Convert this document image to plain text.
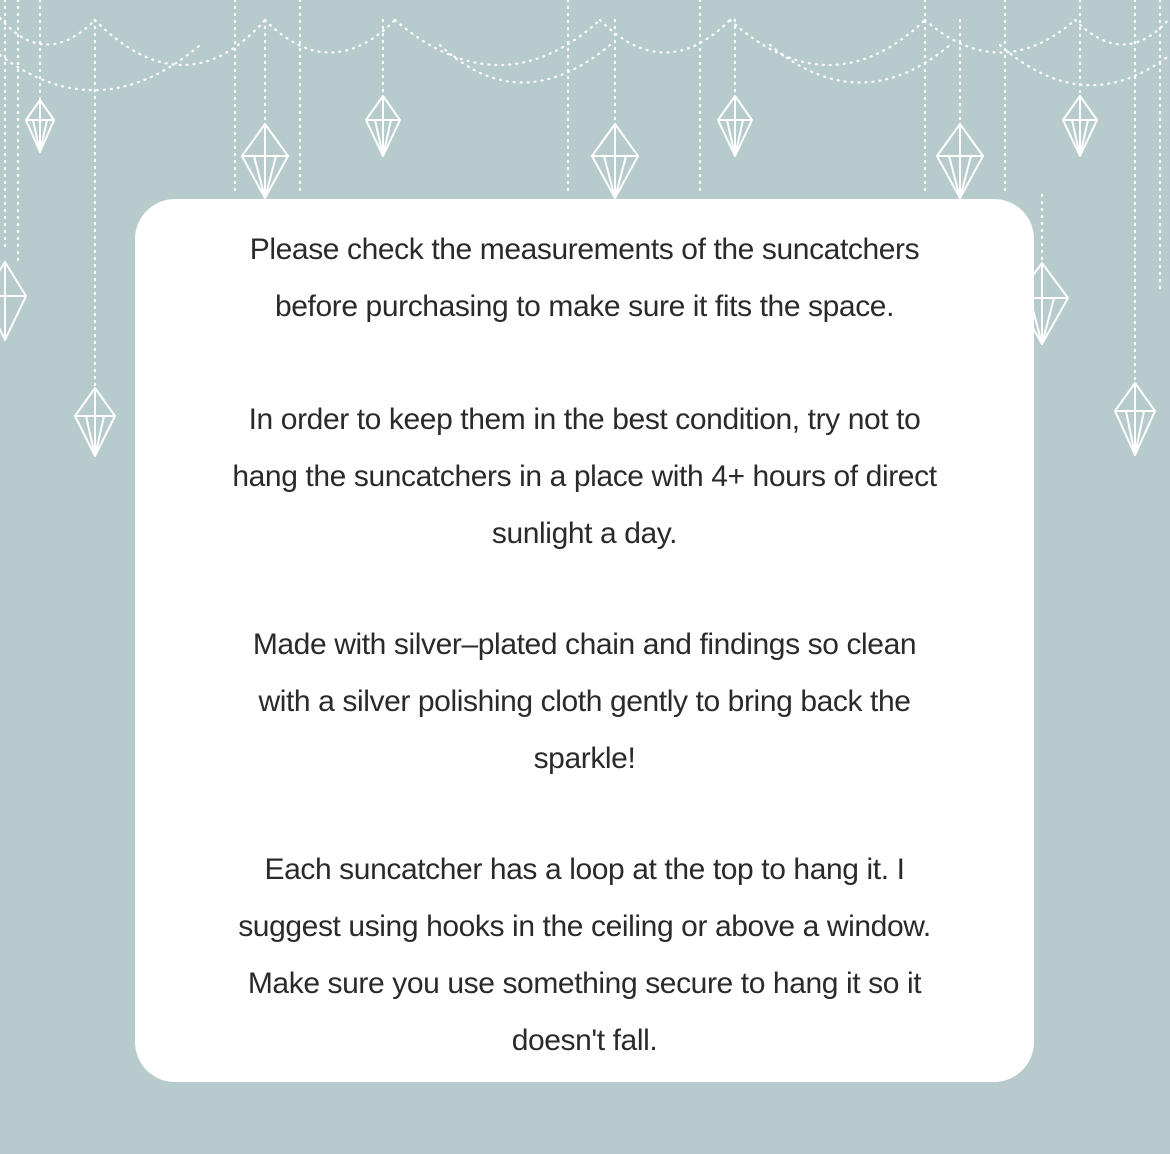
Please check the measurements of the suncatchers
before purchasing to make sure it fits the space.

In order to keep them in the best condition, try not to
hang the suncatchers in a place with 4+ hours of direct
sunlight a day.

Made with silver–plated chain and findings so clean
with a silver polishing cloth gently to bring back the
sparkle!

Each suncatcher has a loop at the top to hang it. I
suggest using hooks in the ceiling or above a window.
Make sure you use something secure to hang it so it
doesn't fall.
